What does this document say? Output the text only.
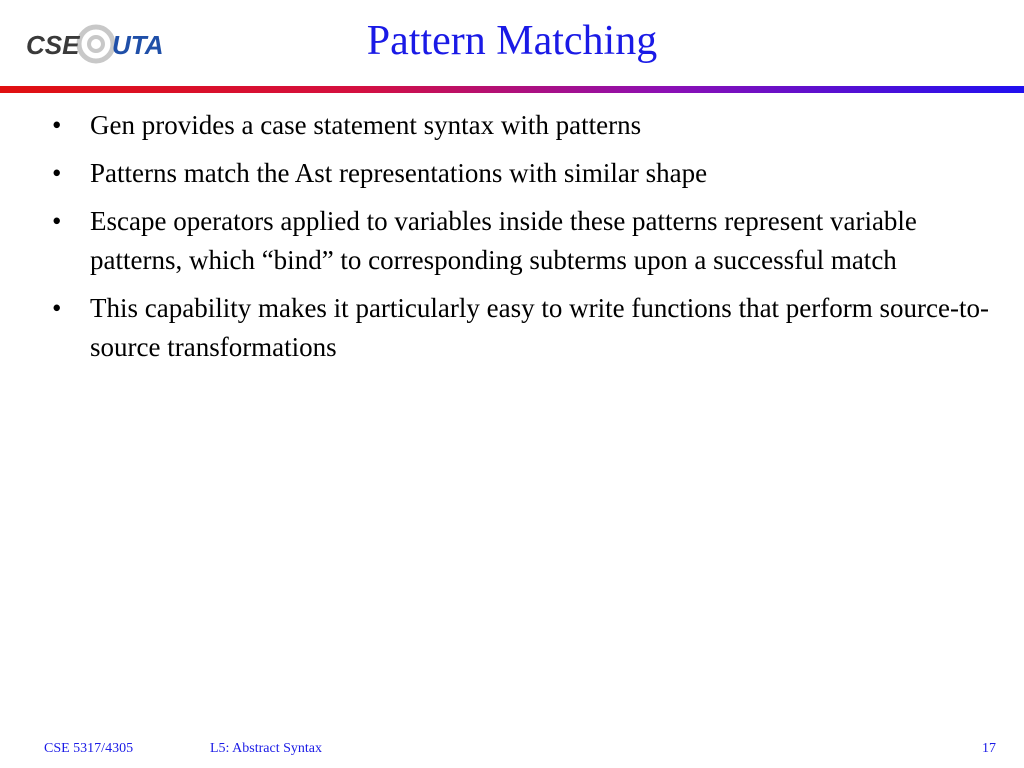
CSE UTA	Pattern Matching
•	Gen provides a case statement syntax with patterns
•	Patterns match the Ast representations with similar shape
•	Escape operators applied to variables inside these patterns represent variable patterns, which “bind” to corresponding subterms upon a successful match
•	This capability makes it particularly easy to write functions that perform source-to-source transformations
CSE 5317/4305	L5: Abstract Syntax	17
